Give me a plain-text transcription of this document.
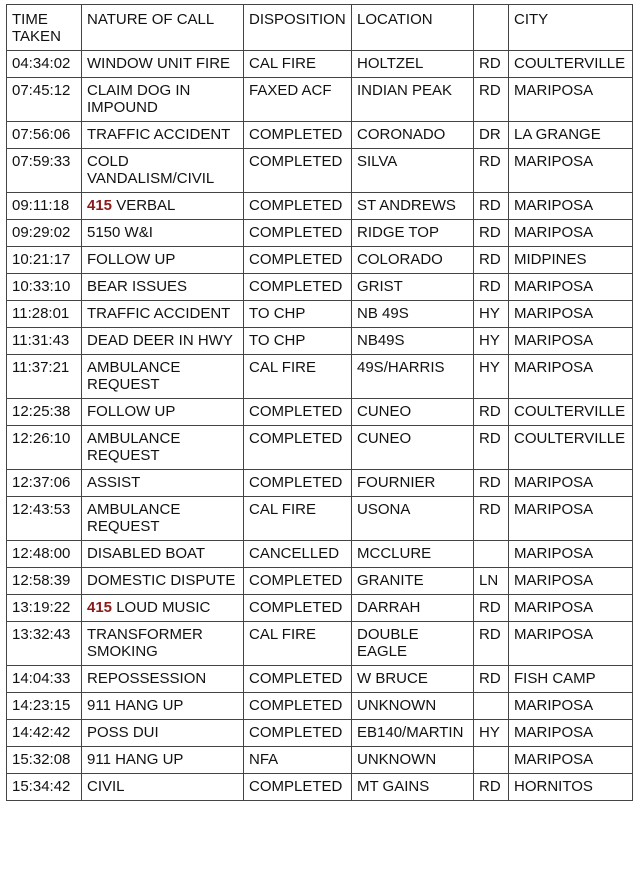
TIME TAKEN	NATURE OF CALL	DISPOSITION	LOCATION		CITY
04:34:02	WINDOW UNIT FIRE	CAL FIRE	HOLTZEL	RD	COULTERVILLE
07:45:12	CLAIM DOG IN IMPOUND	FAXED ACF	INDIAN PEAK	RD	MARIPOSA
07:56:06	TRAFFIC ACCIDENT	COMPLETED	CORONADO	DR	LA GRANGE
07:59:33	COLD VANDALISM/CIVIL	COMPLETED	SILVA	RD	MARIPOSA
09:11:18	415 VERBAL	COMPLETED	ST ANDREWS	RD	MARIPOSA
09:29:02	5150 W&I	COMPLETED	RIDGE TOP	RD	MARIPOSA
10:21:17	FOLLOW UP	COMPLETED	COLORADO	RD	MIDPINES
10:33:10	BEAR ISSUES	COMPLETED	GRIST	RD	MARIPOSA
11:28:01	TRAFFIC ACCIDENT	TO CHP	NB 49S	HY	MARIPOSA
11:31:43	DEAD DEER IN HWY	TO CHP	NB49S	HY	MARIPOSA
11:37:21	AMBULANCE REQUEST	CAL FIRE	49S/HARRIS	HY	MARIPOSA
12:25:38	FOLLOW UP	COMPLETED	CUNEO	RD	COULTERVILLE
12:26:10	AMBULANCE REQUEST	COMPLETED	CUNEO	RD	COULTERVILLE
12:37:06	ASSIST	COMPLETED	FOURNIER	RD	MARIPOSA
12:43:53	AMBULANCE REQUEST	CAL FIRE	USONA	RD	MARIPOSA
12:48:00	DISABLED BOAT	CANCELLED	MCCLURE		MARIPOSA
12:58:39	DOMESTIC DISPUTE	COMPLETED	GRANITE	LN	MARIPOSA
13:19:22	415 LOUD MUSIC	COMPLETED	DARRAH	RD	MARIPOSA
13:32:43	TRANSFORMER SMOKING	CAL FIRE	DOUBLE EAGLE	RD	MARIPOSA
14:04:33	REPOSSESSION	COMPLETED	W BRUCE	RD	FISH CAMP
14:23:15	911 HANG UP	COMPLETED	UNKNOWN		MARIPOSA
14:42:42	POSS DUI	COMPLETED	EB140/MARTIN	HY	MARIPOSA
15:32:08	911 HANG UP	NFA	UNKNOWN		MARIPOSA
15:34:42	CIVIL	COMPLETED	MT GAINS	RD	HORNITOS
